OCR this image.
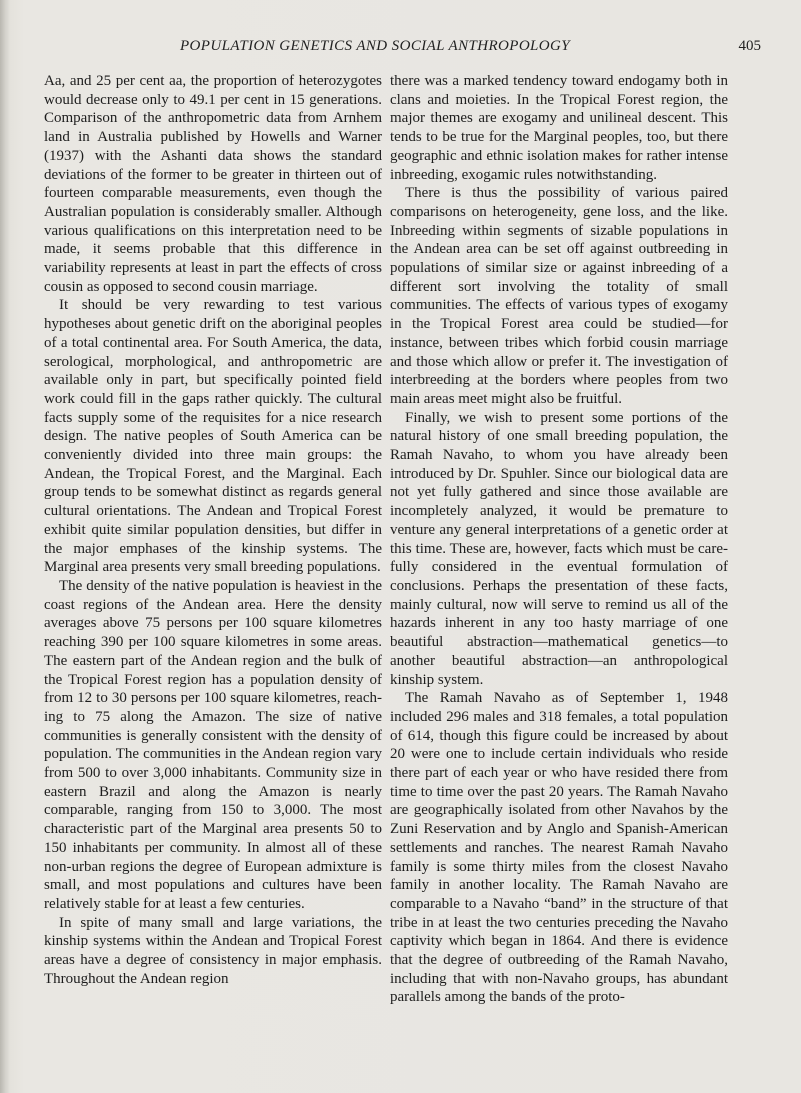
POPULATION GENETICS AND SOCIAL ANTHROPOLOGY	405

Aa, and 25 per cent aa, the proportion of heterozygotes would decrease only to 49.1 per cent in 15 generations. Comparison of the anthropometric data from Arnhem land in Australia published by Howells and Warner (1937) with the Ashanti data shows the standard deviations of the former to be greater in thirteen out of fourteen comparable measurements, even though the Australian population is considerably smaller. Although various qualifications on this interpretation need to be made, it seems probable that this difference in variability represents at least in part the effects of cross cousin as opposed to second cousin marriage.

It should be very rewarding to test various hypotheses about genetic drift on the aboriginal peoples of a total continental area. For South America, the data, serological, morphological, and anthropometric are available only in part, but specifically pointed field work could fill in the gaps rather quickly. The cultural facts supply some of the requisites for a nice research design. The native peoples of South America can be conveniently divided into three main groups: the Andean, the Tropical Forest, and the Marginal. Each group tends to be somewhat distinct as regards general cultural orientations. The Andean and Tropical Forest exhibit quite similar population densities, but differ in the major emphases of the kinship systems. The Marginal area presents very small breeding populations.

The density of the native population is heaviest in the coast regions of the Andean area. Here the density averages above 75 persons per 100 square kilometres reaching 390 per 100 square kilometres in some areas. The eastern part of the Andean region and the bulk of the Tropical Forest region has a population density of from 12 to 30 persons per 100 square kilometres, reaching to 75 along the Amazon. The size of native communities is generally consistent with the density of population. The communities in the Andean region vary from 500 to over 3,000 inhabitants. Community size in eastern Brazil and along the Amazon is nearly comparable, ranging from 150 to 3,000. The most characteristic part of the Marginal area presents 50 to 150 inhabitants per community. In almost all of these non-urban regions the degree of European admixture is small, and most populations and cultures have been relatively stable for at least a few centuries.

In spite of many small and large variations, the kinship systems within the Andean and Tropical Forest areas have a degree of consistency in major emphasis. Throughout the Andean region

there was a marked tendency toward endogamy both in clans and moieties. In the Tropical Forest region, the major themes are exogamy and unilineal descent. This tends to be true for the Marginal peoples, too, but there geographic and ethnic isolation makes for rather intense inbreeding, exogamic rules notwithstanding.

There is thus the possibility of various paired comparisons on heterogeneity, gene loss, and the like. Inbreeding within segments of sizable populations in the Andean area can be set off against outbreeding in populations of similar size or against inbreeding of a different sort involving the totality of small communities. The effects of various types of exogamy in the Tropical Forest area could be studied—for instance, between tribes which forbid cousin marriage and those which allow or prefer it. The investigation of interbreeding at the borders where peoples from two main areas meet might also be fruitful.

Finally, we wish to present some portions of the natural history of one small breeding population, the Ramah Navaho, to whom you have already been introduced by Dr. Spuhler. Since our biological data are not yet fully gathered and since those available are incompletely analyzed, it would be premature to venture any general interpretations of a genetic order at this time. These are, however, facts which must be carefully considered in the eventual formulation of conclusions. Perhaps the presentation of these facts, mainly cultural, now will serve to remind us all of the hazards inherent in any too hasty marriage of one beautiful abstraction—mathematical genetics—to another beautiful abstraction—an anthropological kinship system.

The Ramah Navaho as of September 1, 1948 included 296 males and 318 females, a total population of 614, though this figure could be increased by about 20 were one to include certain individuals who reside there part of each year or who have resided there from time to time over the past 20 years. The Ramah Navaho are geographically isolated from other Navahos by the Zuni Reservation and by Anglo and Spanish-American settlements and ranches. The nearest Ramah Navaho family is some thirty miles from the closest Navaho family in another locality. The Ramah Navaho are comparable to a Navaho “band” in the structure of that tribe in at least the two centuries preceding the Navaho captivity which began in 1864. And there is evidence that the degree of outbreeding of the Ramah Navaho, including that with non-Navaho groups, has abundant parallels among the bands of the proto-
